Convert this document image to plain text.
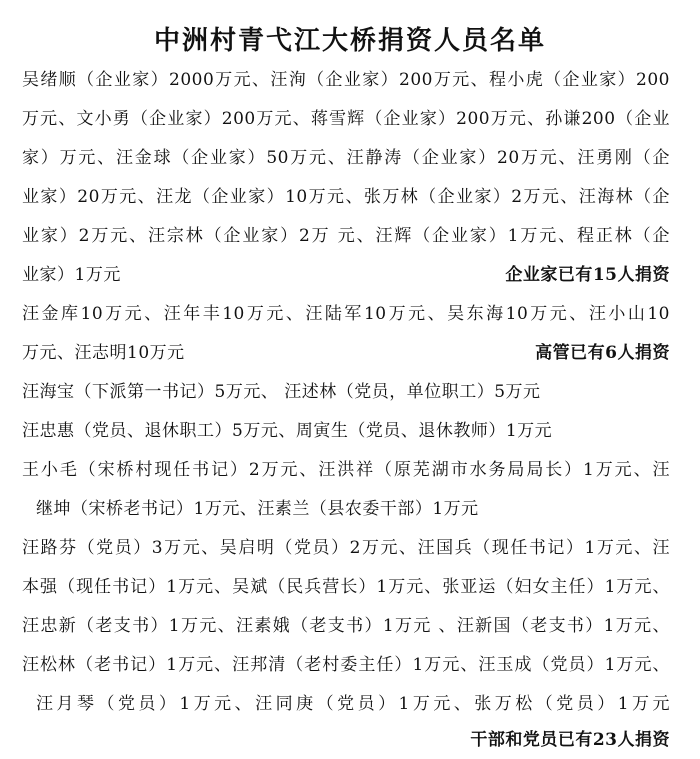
中洲村青弋江大桥捐资人员名单
吴绪顺（企业家）2000万元、汪洵（企业家）200万元、程小虎（企业家）200
万元、文小勇（企业家）200万元、蒋雪辉（企业家）200万元、孙谦200（企业
家）万元、汪金球（企业家）50万元、汪静涛（企业家）20万元、汪勇刚（企
业家）20万元、汪龙（企业家）10万元、张万林（企业家）2万元、汪海林（企
业家）2万元、汪宗林（企业家）2万 元、汪辉（企业家）1万元、程正林（企
业家）1万元	企业家已有15人捐资
汪金库10万元、汪年丰10万元、汪陆军10万元、吴东海10万元、汪小山10
万元、汪志明10万元	高管已有6人捐资
汪海宝（下派第一书记）5万元、 汪述林（党员，单位职工）5万元
汪忠惠（党员、退休职工）5万元、周寅生（党员、退休教师）1万元
王小毛（宋桥村现任书记）2万元、汪洪祥（原芜湖市水务局局长）1万元、汪
继坤（宋桥老书记）1万元、汪素兰（县农委干部）1万元
汪路芬（党员）3万元、吴启明（党员）2万元、汪国兵（现任书记）1万元、汪
本强（现任书记）1万元、吴斌（民兵营长）1万元、张亚运（妇女主任）1万元、
汪忠新（老支书）1万元、汪素娥（老支书）1万元 、汪新国（老支书）1万元、
汪松林（老书记）1万元、汪邦清（老村委主任）1万元、汪玉成（党员）1万元、
汪月琴（党员）1万元、汪同庚（党员）1万元、张万松（党员）1万元
干部和党员已有23人捐资
